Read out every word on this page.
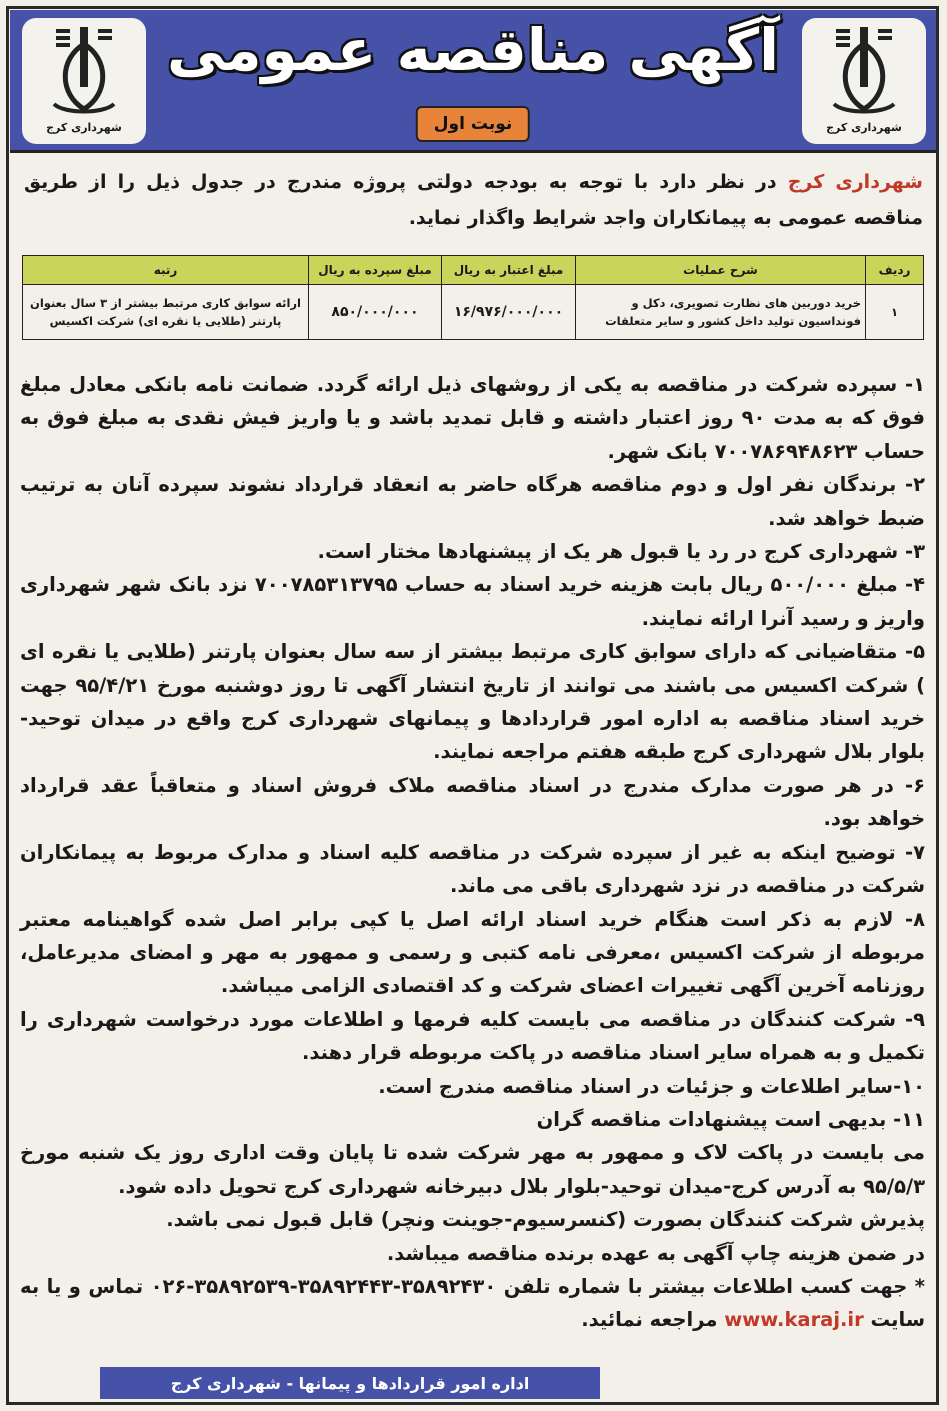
شهرداری کرج
شهرداری کرج
آگهی مناقصه عمومی
نوبت اول
شهرداری کرج در نظر دارد با توجه به بودجه دولتی پروژه مندرج در جدول ذیل را از طریق مناقصه عمومی به پیمانکاران واجد شرایط واگذار نماید.
ردیف	شرح عملیات	مبلغ اعتبار به ریال	مبلغ سپرده به ریال	رتبه
۱	خرید دوربین های نظارت تصویری، دکل و فونداسیون تولید داخل کشور و سایر متعلقات	۱۶/۹۷۶/۰۰۰/۰۰۰	۸۵۰/۰۰۰/۰۰۰	ارائه سوابق کاری مرتبط بیشتر از ۳ سال بعنوان پارتنر (طلایی یا نقره ای) شرکت اکسیس

۱- سپرده شرکت در مناقصه به یکی از روشهای ذیل ارائه گردد. ضمانت نامه بانکی معادل مبلغ فوق که به مدت ۹۰ روز اعتبار داشته و قابل تمدید باشد و یا واریز فیش نقدی به مبلغ فوق به حساب ۷۰۰۷۸۶۹۴۸۶۲۳ بانک شهر.

۲- برندگان نفر اول و دوم مناقصه هرگاه حاضر به انعقاد قرارداد نشوند سپرده آنان به ترتیب ضبط خواهد شد.

۳- شهرداری کرج در رد یا قبول هر یک از پیشنهادها مختار است.

۴- مبلغ ۵۰۰/۰۰۰ ریال بابت هزینه خرید اسناد به حساب ۷۰۰۷۸۵۳۱۳۷۹۵ نزد بانک شهر شهرداری واریز و رسید آنرا ارائه نمایند.

۵- متقاضیانی که دارای سوابق کاری مرتبط بیشتر از سه سال بعنوان پارتنر (طلایی یا نقره ای ) شرکت اکسیس می باشند می توانند از تاریخ انتشار آگهی تا روز دوشنبه مورخ ۹۵/۴/۲۱ جهت خرید اسناد مناقصه به اداره امور قراردادها و پیمانهای شهرداری کرج واقع در میدان توحید- بلوار بلال شهرداری کرج طبقه هفتم مراجعه نمایند.

۶- در هر صورت مدارک مندرج در اسناد مناقصه ملاک فروش اسناد و متعاقباً عقد قرارداد خواهد بود.

۷- توضیح اینکه به غیر از سپرده شرکت در مناقصه کلیه اسناد و مدارک مربوط به پیمانکاران شرکت در مناقصه در نزد شهرداری باقی می ماند.

۸- لازم به ذکر است هنگام خرید اسناد ارائه اصل یا کپی برابر اصل شده گواهینامه معتبر مربوطه از شرکت اکسیس ،معرفی نامه کتبی و رسمی و ممهور به مهر و امضای مدیرعامل، روزنامه آخرین آگهی تغییرات اعضای شرکت و کد اقتصادی الزامی میباشد.

۹- شرکت کنندگان در مناقصه می بایست کلیه فرمها و اطلاعات مورد درخواست شهرداری را تکمیل و به همراه سایر اسناد مناقصه در پاکت مربوطه قرار دهند.

۱۰-سایر اطلاعات و جزئیات در اسناد مناقصه مندرج است.

۱۱- بدیهی است پیشنهادات مناقصه گران

می بایست در پاکت لاک و ممهور به مهر شرکت شده تا پایان وقت اداری روز یک شنبه مورخ ۹۵/۵/۳ به آدرس کرج-میدان توحید-بلوار بلال دبیرخانه شهرداری کرج تحویل داده شود.

پذیرش شرکت کنندگان بصورت (کنسرسیوم-جوینت ونچر) قابل قبول نمی باشد.

در ضمن هزینه چاپ آگهی به عهده برنده مناقصه میباشد.

* جهت کسب اطلاعات بیشتر با شماره تلفن ۳۵۸۹۲۴۳۰-۳۵۸۹۲۴۴۳-۳۵۸۹۲۵۳۹-۰۲۶ تماس و یا به سایت www.karaj.ir مراجعه نمائید.

اداره امور قراردادها و پیمانها - شهرداری کرج
